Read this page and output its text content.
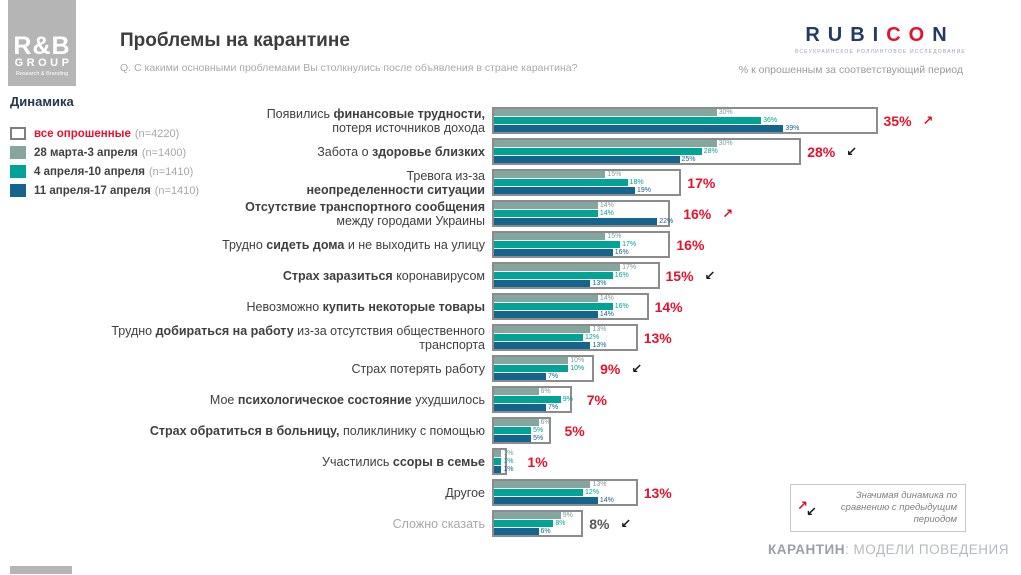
R&B
GROUP
Research & Branding
Проблемы на карантине
Q. С какими основными проблемами Вы столкнулись после объявления в стране карантина?
RUBICON
ВСЕУКРАИНСКОЕ РОЛЛИНГОВОЕ ИССЛЕДОВАНИЕ
% к опрошенным за соответствующий период
Динамика
все опрошенные (n=4220)
28 марта-3 апреля (n=1400)
4 апреля-10 апреля (n=1410)
11 апреля-17 апреля (n=1410)
Появились финансовые трудности,
потеря источников дохода
30%
36%
39%	35% ↗
Забота о здоровье близких
30%
28%
25%	28% ↙
Тревога из-за
неопределенности ситуации
15%
18%
19%	17%
Отсутствие транспортного сообщения
между городами Украины
14%
14%
22% 16% ↗
Трудно сидеть дома и не выходить на улицу
15%
17%
16%	16%
Страх заразиться коронавирусом
17%
16%
13%	15% ↙
Невозможно купить некоторые товары
14%
16%
14%	14%
Трудно добираться на работу из-за отсутствия общественного
транспорта
13%
12%
13%	13%
Страх потерять работу
10%
10%
7%	9% ↙
Мое психологическое состояние ухудшилось
6%
9%
7% 7%
Страх обратиться в больницу, поликлинику с помощью
6%
5%
5% 5%
Участились ссоры в семье
1%
1%
1% 1%
Другое
13%
12%
14% 13%
Сложно сказать
9%
8%
6%	8% ↙
↗
↙
Значимая динамика по сравнению с предыдущим периодом
КАРАНТИН: МОДЕЛИ ПОВЕДЕНИЯ
